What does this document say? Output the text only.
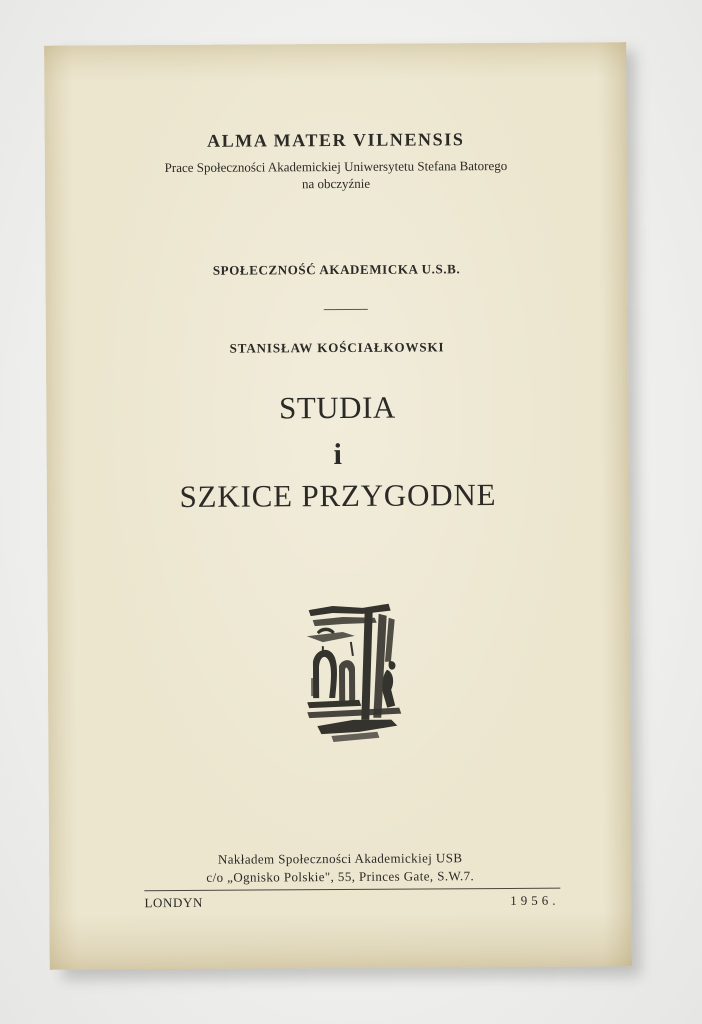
ALMA MATER VILNENSIS
Prace Społeczności Akademickiej Uniwersytetu Stefana Batorego
na obczyźnie
SPOŁECZNOŚĆ AKADEMICKA U.S.B.
STANISŁAW KOŚCIAŁKOWSKI
STUDIA
i
SZKICE PRZYGODNE
Nakładem Społeczności Akademickiej USB
c/o „Ognisko Polskie", 55, Princes Gate, S.W.7.
LONDYN	1956.
